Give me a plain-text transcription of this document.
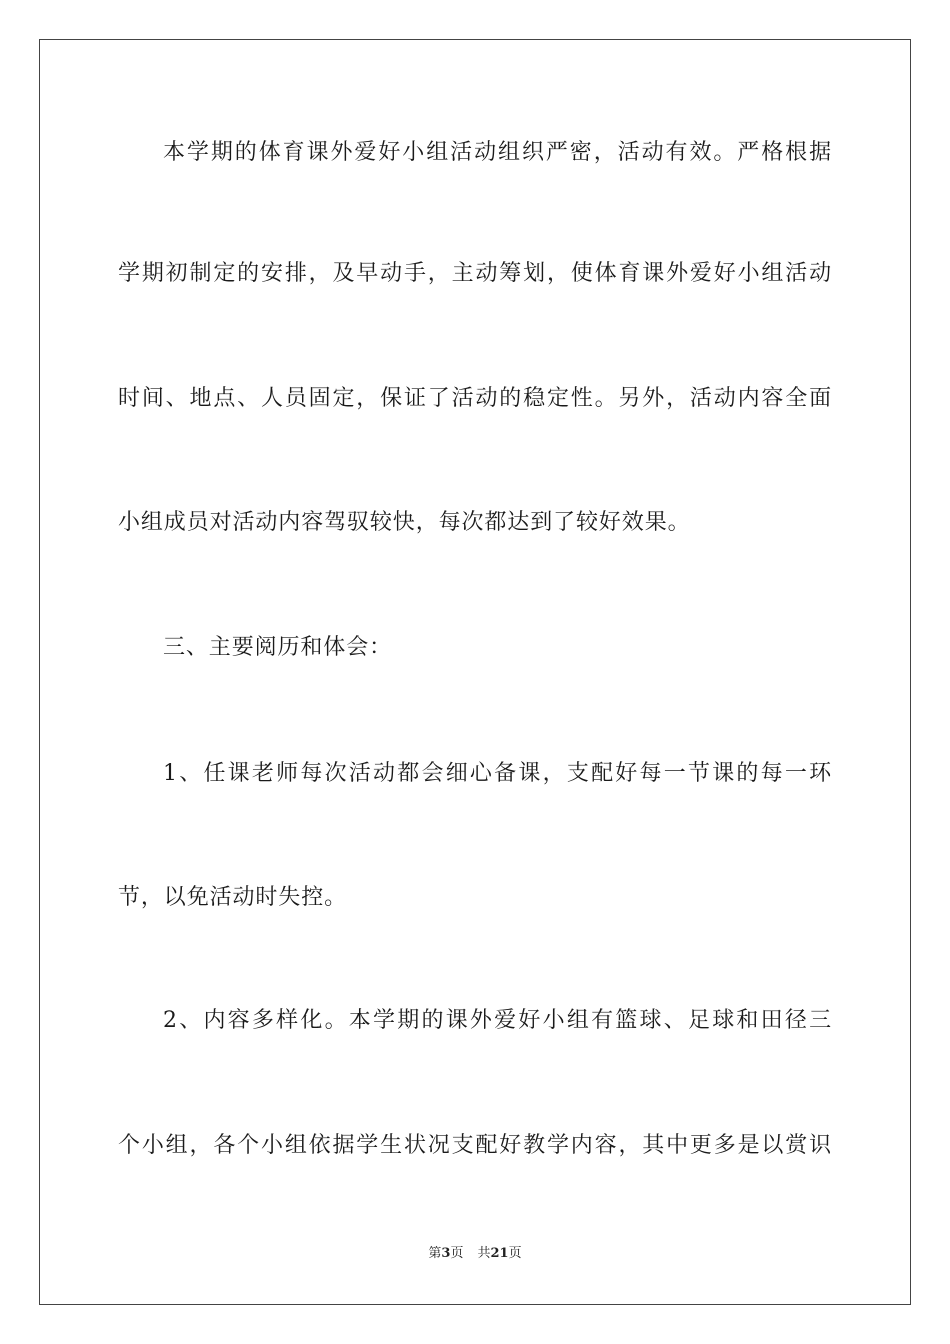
本学期的体育课外爱好小组活动组织严密，活动有效。严格根据
学期初制定的安排，及早动手，主动筹划，使体育课外爱好小组活动
时间、地点、人员固定，保证了活动的稳定性。另外，活动内容全面
小组成员对活动内容驾驭较快，每次都达到了较好效果。
三、主要阅历和体会：
1、任课老师每次活动都会细心备课，支配好每一节课的每一环
节，以免活动时失控。
2、内容多样化。本学期的课外爱好小组有篮球、足球和田径三
个小组，各个小组依据学生状况支配好教学内容，其中更多是以赏识
第3页 共21页
